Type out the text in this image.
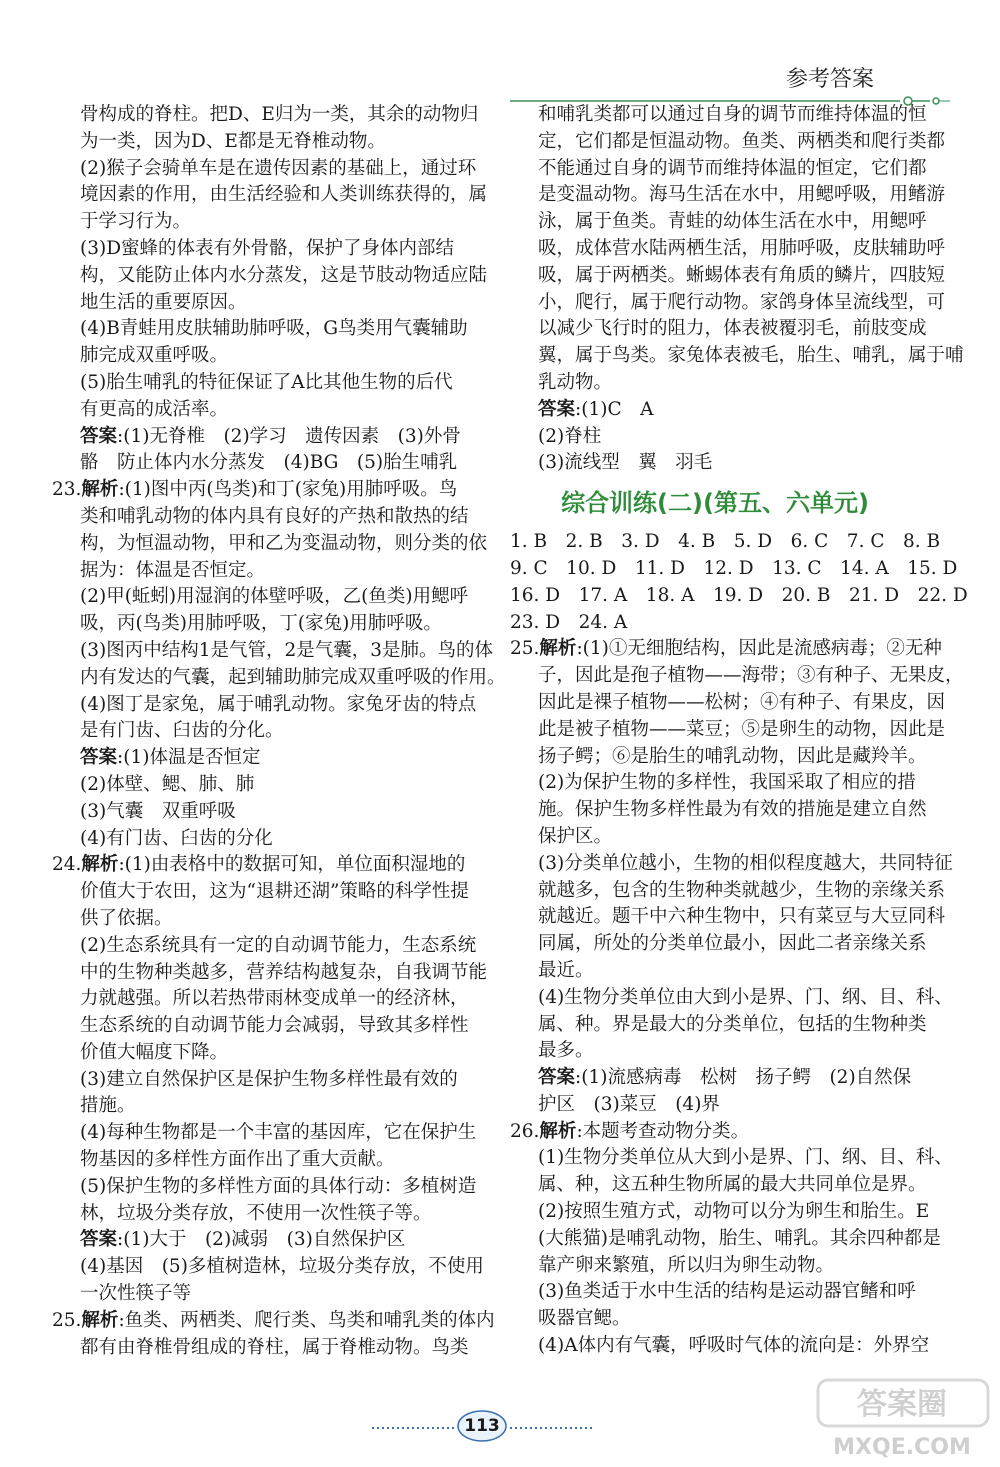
参考答案
骨构成的脊柱。把D、E归为一类，其余的动物归
为一类，因为D、E都是无脊椎动物。
(2)猴子会骑单车是在遗传因素的基础上，通过环
境因素的作用，由生活经验和人类训练获得的，属
于学习行为。
(3)D蜜蜂的体表有外骨骼，保护了身体内部结
构，又能防止体内水分蒸发，这是节肢动物适应陆
地生活的重要原因。
(4)B青蛙用皮肤辅助肺呼吸，G鸟类用气囊辅助
肺完成双重呼吸。
(5)胎生哺乳的特征保证了A比其他生物的后代
有更高的成活率。
答案:(1)无脊椎　(2)学习　遗传因素　(3)外骨
骼　防止体内水分蒸发　(4)BG　(5)胎生哺乳
23.解析:(1)图中丙(鸟类)和丁(家兔)用肺呼吸。鸟
类和哺乳动物的体内具有良好的产热和散热的结
构，为恒温动物，甲和乙为变温动物，则分类的依
据为：体温是否恒定。
(2)甲(蚯蚓)用湿润的体壁呼吸，乙(鱼类)用鳃呼
吸，丙(鸟类)用肺呼吸，丁(家兔)用肺呼吸。
(3)图丙中结构1是气管，2是气囊，3是肺。鸟的体
内有发达的气囊，起到辅助肺完成双重呼吸的作用。
(4)图丁是家兔，属于哺乳动物。家兔牙齿的特点
是有门齿、臼齿的分化。
答案:(1)体温是否恒定
(2)体壁、鳃、肺、肺
(3)气囊　双重呼吸
(4)有门齿、臼齿的分化
24.解析:(1)由表格中的数据可知，单位面积湿地的
价值大于农田，这为“退耕还湖”策略的科学性提
供了依据。
(2)生态系统具有一定的自动调节能力，生态系统
中的生物种类越多，营养结构越复杂，自我调节能
力就越强。所以若热带雨林变成单一的经济林，
生态系统的自动调节能力会减弱，导致其多样性
价值大幅度下降。
(3)建立自然保护区是保护生物多样性最有效的
措施。
(4)每种生物都是一个丰富的基因库，它在保护生
物基因的多样性方面作出了重大贡献。
(5)保护生物的多样性方面的具体行动：多植树造
林，垃圾分类存放，不使用一次性筷子等。
答案:(1)大于　(2)减弱　(3)自然保护区
(4)基因　(5)多植树造林，垃圾分类存放，不使用
一次性筷子等
25.解析:鱼类、两栖类、爬行类、鸟类和哺乳类的体内
都有由脊椎骨组成的脊柱，属于脊椎动物。鸟类
和哺乳类都可以通过自身的调节而维持体温的恒
定，它们都是恒温动物。鱼类、两栖类和爬行类都
不能通过自身的调节而维持体温的恒定，它们都
是变温动物。海马生活在水中，用鳃呼吸，用鳍游
泳，属于鱼类。青蛙的幼体生活在水中，用鳃呼
吸，成体营水陆两栖生活，用肺呼吸，皮肤辅助呼
吸，属于两栖类。蜥蜴体表有角质的鳞片，四肢短
小，爬行，属于爬行动物。家鸽身体呈流线型，可
以减少飞行时的阻力，体表被覆羽毛，前肢变成
翼，属于鸟类。家兔体表被毛，胎生、哺乳，属于哺
乳动物。
答案:(1)C　A
(2)脊柱
(3)流线型　翼　羽毛
综合训练(二)(第五、六单元)
1. B　2. B　3. D　4. B　5. D　6. C　7. C　8. B
9. C　10. D　11. D　12. D　13. C　14. A　15. D
16. D　17. A　18. A　19. D　20. B　21. D　22. D
23. D　24. A
25.解析:(1)①无细胞结构，因此是流感病毒；②无种
子，因此是孢子植物——海带；③有种子、无果皮，
因此是裸子植物——松树；④有种子、有果皮，因
此是被子植物——菜豆；⑤是卵生的动物，因此是
扬子鳄；⑥是胎生的哺乳动物，因此是藏羚羊。
(2)为保护生物的多样性，我国采取了相应的措
施。保护生物多样性最为有效的措施是建立自然
保护区。
(3)分类单位越小，生物的相似程度越大，共同特征
就越多，包含的生物种类就越少，生物的亲缘关系
就越近。题干中六种生物中，只有菜豆与大豆同科
同属，所处的分类单位最小，因此二者亲缘关系
最近。
(4)生物分类单位由大到小是界、门、纲、目、科、
属、种。界是最大的分类单位，包括的生物种类
最多。
答案:(1)流感病毒　松树　扬子鳄　(2)自然保
护区　(3)菜豆　(4)界
26.解析:本题考查动物分类。
(1)生物分类单位从大到小是界、门、纲、目、科、
属、种，这五种生物所属的最大共同单位是界。
(2)按照生殖方式，动物可以分为卵生和胎生。E
(大熊猫)是哺乳动物，胎生、哺乳。其余四种都是
靠产卵来繁殖，所以归为卵生动物。
(3)鱼类适于水中生活的结构是运动器官鳍和呼
吸器官鳃。
(4)A体内有气囊，呼吸时气体的流向是：外界空
113
答案圈
MXQE.COM
